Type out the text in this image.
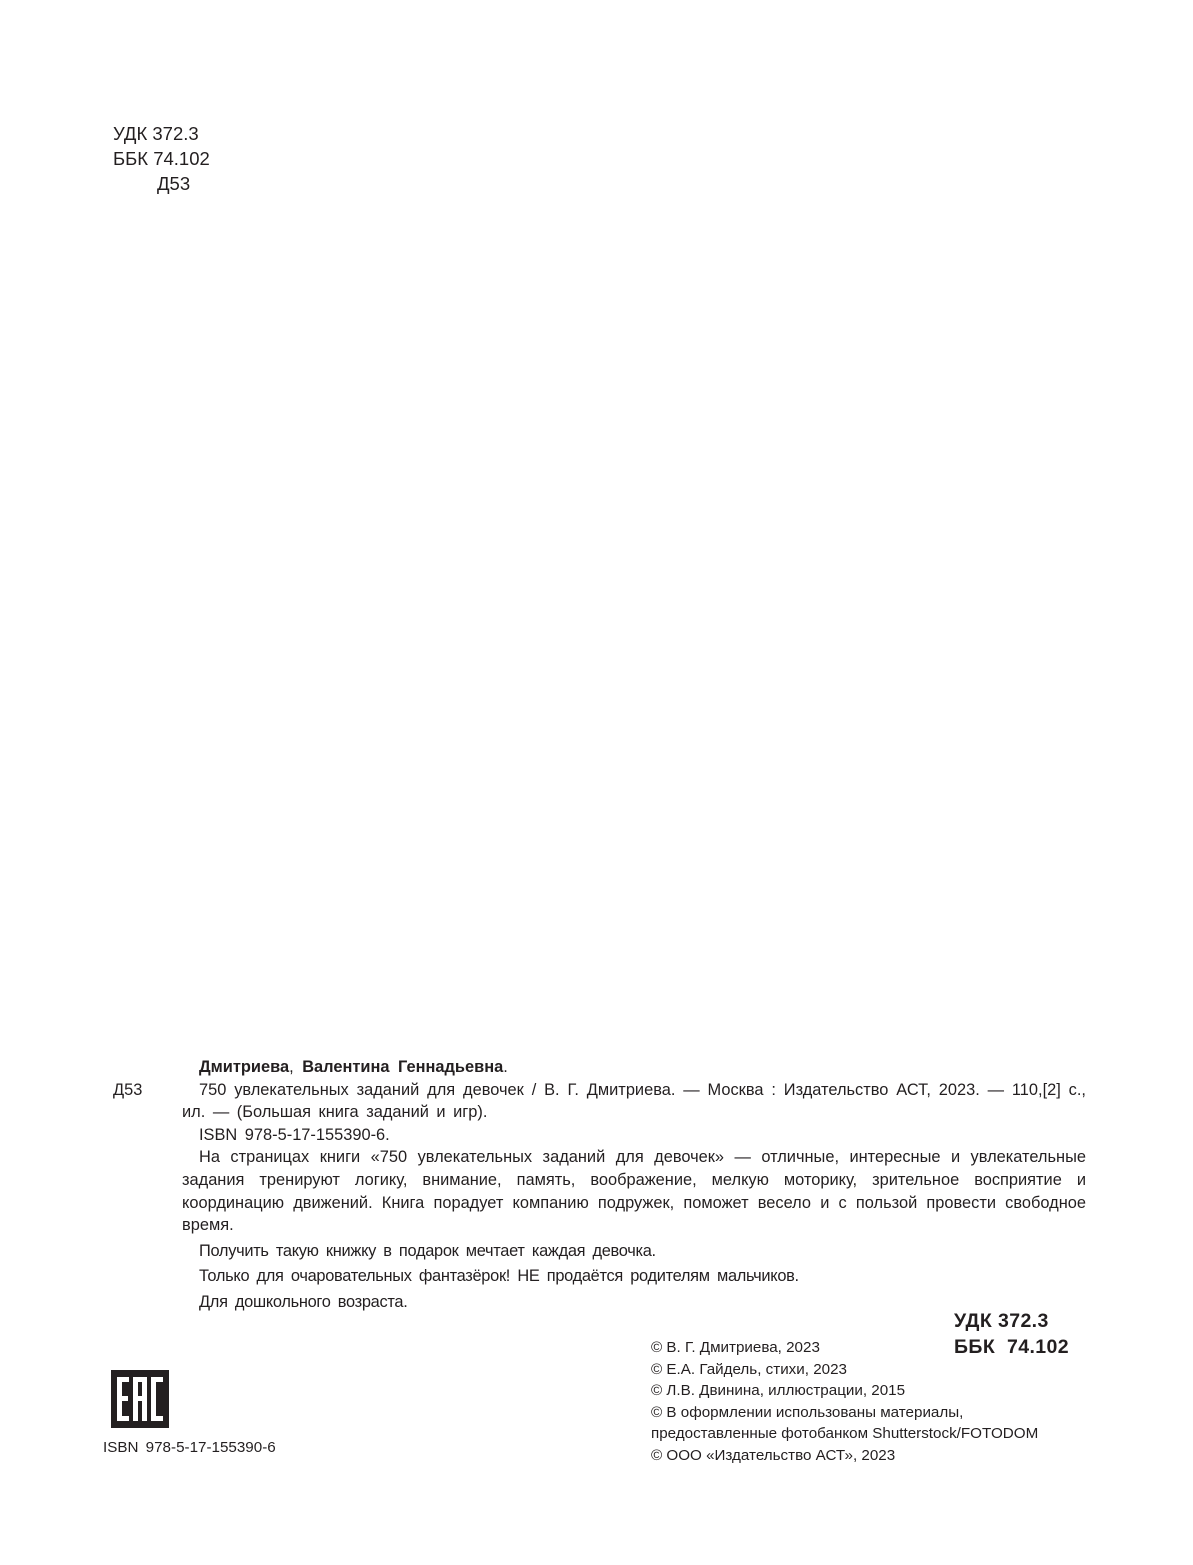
УДК 372.3
ББК 74.102
Д53
Д53

Дмитриева, Валентина Геннадьевна.

750 увлекательных заданий для девочек / В. Г. Дмитриева. — Москва : Издательство АСТ, 2023. — 110,[2] с., ил. — (Большая книга заданий и игр).

ISBN 978-5-17-155390-6.

На страницах книги «750 увлекательных заданий для девочек» — отличные, интересные и увлекательные задания тренируют логику, внимание, память, воображение, мелкую моторику, зрительное восприятие и координацию движений. Книга порадует компанию подружек, поможет весело и с пользой провести свободное время.

Получить такую книжку в подарок мечтает каждая девочка.

Только для очаровательных фантазёрок! НЕ продаётся родителям мальчиков.

Для дошкольного возраста.

УДК 372.3
ББК 74.102
© В. Г. Дмитриева, 2023
© Е.А. Гайдель, стихи, 2023
© Л.В. Двинина, иллюстрации, 2015
© В оформлении использованы материалы,
предоставленные фотобанком Shutterstock/FOTODOM
© ООО «Издательство АСТ», 2023
ISBN 978-5-17-155390-6
